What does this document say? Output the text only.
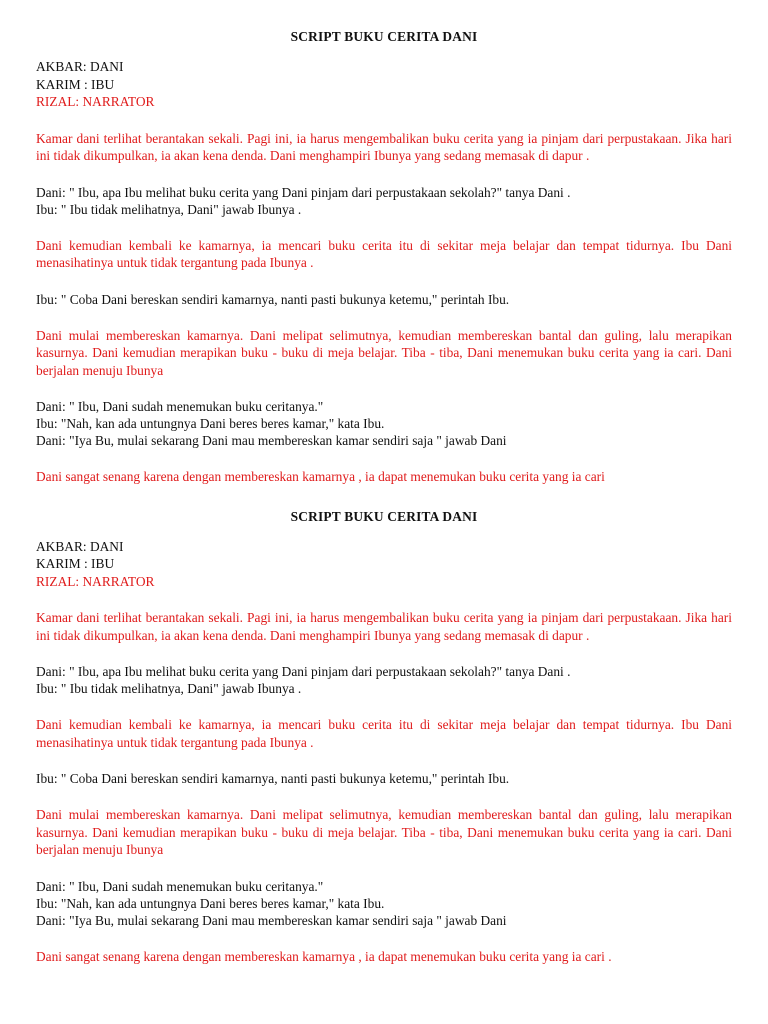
SCRIPT BUKU CERITA DANI
AKBAR: DANI
KARIM : IBU
RIZAL: NARRATOR
Kamar dani terlihat berantakan sekali. Pagi ini, ia harus mengembalikan buku cerita yang ia pinjam dari perpustakaan. Jika hari ini tidak dikumpulkan, ia akan kena denda. Dani menghampiri Ibunya yang sedang memasak di dapur .
Dani: " Ibu, apa Ibu melihat buku cerita yang Dani pinjam dari perpustakaan sekolah?" tanya Dani .
Ibu: " Ibu tidak melihatnya, Dani" jawab Ibunya .
Dani kemudian kembali ke kamarnya, ia mencari buku cerita itu di sekitar meja belajar dan tempat tidurnya. Ibu Dani menasihatinya untuk tidak tergantung pada Ibunya .
Ibu: " Coba Dani bereskan sendiri kamarnya, nanti pasti bukunya ketemu," perintah Ibu.
Dani mulai membereskan kamarnya. Dani melipat selimutnya, kemudian membereskan bantal dan guling, lalu merapikan kasurnya. Dani kemudian merapikan buku - buku di meja belajar. Tiba - tiba, Dani menemukan buku cerita yang ia cari. Dani berjalan menuju Ibunya
Dani: " Ibu, Dani sudah menemukan buku ceritanya."
Ibu: "Nah, kan ada untungnya Dani beres beres kamar," kata Ibu.
Dani: "Iya Bu, mulai sekarang Dani mau membereskan kamar sendiri saja " jawab Dani
Dani sangat senang karena dengan membereskan kamarnya , ia dapat menemukan buku cerita yang ia cari
SCRIPT BUKU CERITA DANI
AKBAR: DANI
KARIM : IBU
RIZAL: NARRATOR
Kamar dani terlihat berantakan sekali. Pagi ini, ia harus mengembalikan buku cerita yang ia pinjam dari perpustakaan. Jika hari ini tidak dikumpulkan, ia akan kena denda. Dani menghampiri Ibunya yang sedang memasak di dapur .
Dani: " Ibu, apa Ibu melihat buku cerita yang Dani pinjam dari perpustakaan sekolah?" tanya Dani .
Ibu: " Ibu tidak melihatnya, Dani" jawab Ibunya .
Dani kemudian kembali ke kamarnya, ia mencari buku cerita itu di sekitar meja belajar dan tempat tidurnya. Ibu Dani menasihatinya untuk tidak tergantung pada Ibunya .
Ibu: " Coba Dani bereskan sendiri kamarnya, nanti pasti bukunya ketemu," perintah Ibu.
Dani mulai membereskan kamarnya. Dani melipat selimutnya, kemudian membereskan bantal dan guling, lalu merapikan kasurnya. Dani kemudian merapikan buku - buku di meja belajar. Tiba - tiba, Dani menemukan buku cerita yang ia cari. Dani berjalan menuju Ibunya
Dani: " Ibu, Dani sudah menemukan buku ceritanya."
Ibu: "Nah, kan ada untungnya Dani beres beres kamar," kata Ibu.
Dani: "Iya Bu, mulai sekarang Dani mau membereskan kamar sendiri saja " jawab Dani
Dani sangat senang karena dengan membereskan kamarnya , ia dapat menemukan buku cerita yang ia cari .
